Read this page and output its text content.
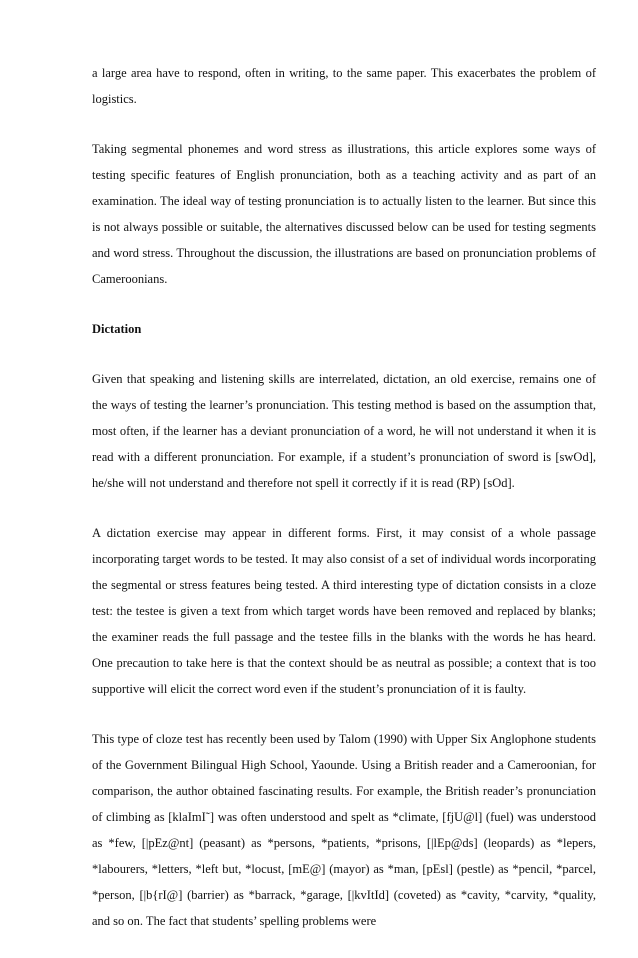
a large area have to respond, often in writing, to the same paper. This exacerbates the problem of logistics.

Taking segmental phonemes and word stress as illustrations, this article explores some ways of testing specific features of English pronunciation, both as a teaching activity and as part of an examination. The ideal way of testing pronunciation is to actually listen to the learner. But since this is not always possible or suitable, the alternatives discussed below can be used for testing segments and word stress. Throughout the discussion, the illustrations are based on pronunciation problems of Cameroonians.

Dictation

Given that speaking and listening skills are interrelated, dictation, an old exercise, remains one of the ways of testing the learner’s pronunciation. This testing method is based on the assumption that, most often, if the learner has a deviant pronunciation of a word, he will not understand it when it is read with a different pronunciation. For example, if a student’s pronunciation of sword is [swOd], he/she will not understand and therefore not spell it correctly if it is read (RP) [sOd].

A dictation exercise may appear in different forms. First, it may consist of a whole passage incorporating target words to be tested. It may also consist of a set of individual words incorporating the segmental or stress features being tested. A third interesting type of dictation consists in a cloze test: the testee is given a text from which target words have been removed and replaced by blanks; the examiner reads the full passage and the testee fills in the blanks with the words he has heard. One precaution to take here is that the context should be as neutral as possible; a context that is too supportive will elicit the correct word even if the student’s pronunciation of it is faulty.

This type of cloze test has recently been used by Talom (1990) with Upper Six Anglophone students of the Government Bilingual High School, Yaounde. Using a British reader and a Cameroonian, for comparison, the author obtained fascinating results. For example, the British reader’s pronunciation of climbing as [klaImI˜] was often understood and spelt as *climate, [fjU@l] (fuel) was understood as *few, [|pEz@nt] (peasant) as *persons, *patients, *prisons, [|lEp@ds] (leopards) as *lepers, *labourers, *letters, *left but, *locust, [mE@] (mayor) as *man, [pEsl] (pestle) as *pencil, *parcel, *person, [|b{rI@] (barrier) as *barrack, *garage, [|kvItId] (coveted) as *cavity, *carvity, *quality, and so on. The fact that students’ spelling problems were
